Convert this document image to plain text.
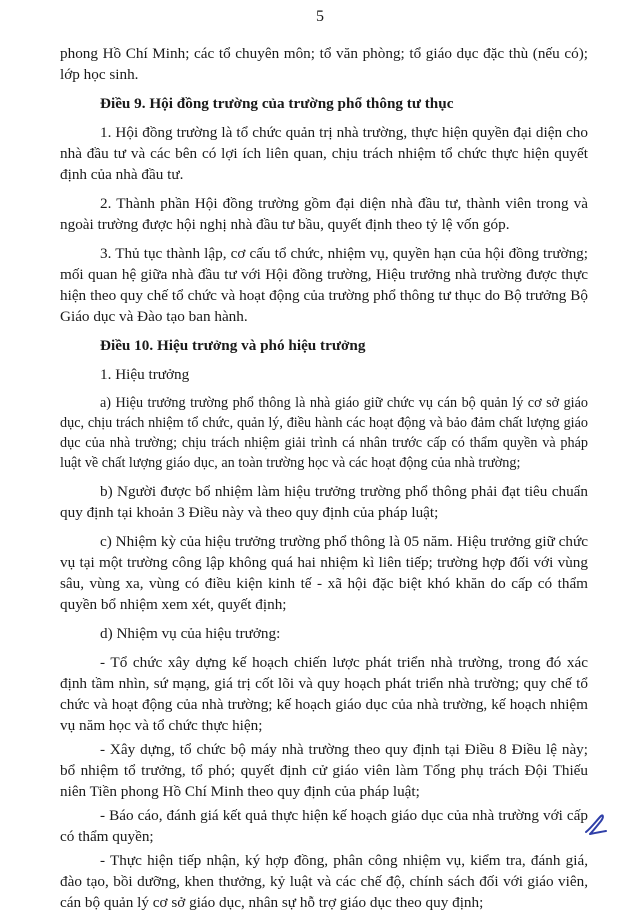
5

phong Hồ Chí Minh; các tổ chuyên môn; tổ văn phòng; tổ giáo dục đặc thù (nếu có); lớp học sinh.

Điều 9. Hội đồng trường của trường phổ thông tư thục

1. Hội đồng trường là tổ chức quản trị nhà trường, thực hiện quyền đại diện cho nhà đầu tư và các bên có lợi ích liên quan, chịu trách nhiệm tổ chức thực hiện quyết định của nhà đầu tư.

2. Thành phần Hội đồng trường gồm đại diện nhà đầu tư, thành viên trong và ngoài trường được hội nghị nhà đầu tư bầu, quyết định theo tỷ lệ vốn góp.

3. Thủ tục thành lập, cơ cấu tổ chức, nhiệm vụ, quyền hạn của hội đồng trường; mối quan hệ giữa nhà đầu tư với Hội đồng trường, Hiệu trưởng nhà trường được thực hiện theo quy chế tổ chức và hoạt động của trường phổ thông tư thục do Bộ trưởng Bộ Giáo dục và Đào tạo ban hành.

Điều 10. Hiệu trưởng và phó hiệu trưởng

1. Hiệu trưởng

a) Hiệu trưởng trường phổ thông là nhà giáo giữ chức vụ cán bộ quản lý cơ sở giáo dục, chịu trách nhiệm tổ chức, quản lý, điều hành các hoạt động và bảo đảm chất lượng giáo dục của nhà trường; chịu trách nhiệm giải trình cá nhân trước cấp có thẩm quyền và pháp luật về chất lượng giáo dục, an toàn trường học và các hoạt động của nhà trường;

b) Người được bổ nhiệm làm hiệu trưởng trường phổ thông phải đạt tiêu chuẩn quy định tại khoản 3 Điều này và theo quy định của pháp luật;

c) Nhiệm kỳ của hiệu trưởng trường phổ thông là 05 năm. Hiệu trưởng giữ chức vụ tại một trường công lập không quá hai nhiệm kì liên tiếp; trường hợp đối với vùng sâu, vùng xa, vùng có điều kiện kinh tế - xã hội đặc biệt khó khăn do cấp có thẩm quyền bổ nhiệm xem xét, quyết định;

d) Nhiệm vụ của hiệu trưởng:

- Tổ chức xây dựng kế hoạch chiến lược phát triển nhà trường, trong đó xác định tầm nhìn, sứ mạng, giá trị cốt lõi và quy hoạch phát triển nhà trường; quy chế tổ chức và hoạt động của nhà trường; kế hoạch giáo dục của nhà trường, kế hoạch nhiệm vụ năm học và tổ chức thực hiện;

- Xây dựng, tổ chức bộ máy nhà trường theo quy định tại Điều 8 Điều lệ này; bổ nhiệm tổ trưởng, tổ phó; quyết định cử giáo viên làm Tổng phụ trách Đội Thiếu niên Tiền phong Hồ Chí Minh theo quy định của pháp luật;

- Báo cáo, đánh giá kết quả thực hiện kế hoạch giáo dục của nhà trường với cấp có thẩm quyền;

- Thực hiện tiếp nhận, ký hợp đồng, phân công nhiệm vụ, kiểm tra, đánh giá, đào tạo, bồi dưỡng, khen thưởng, kỷ luật và các chế độ, chính sách đối với giáo viên, cán bộ quản lý cơ sở giáo dục, nhân sự hỗ trợ giáo dục theo quy định;
